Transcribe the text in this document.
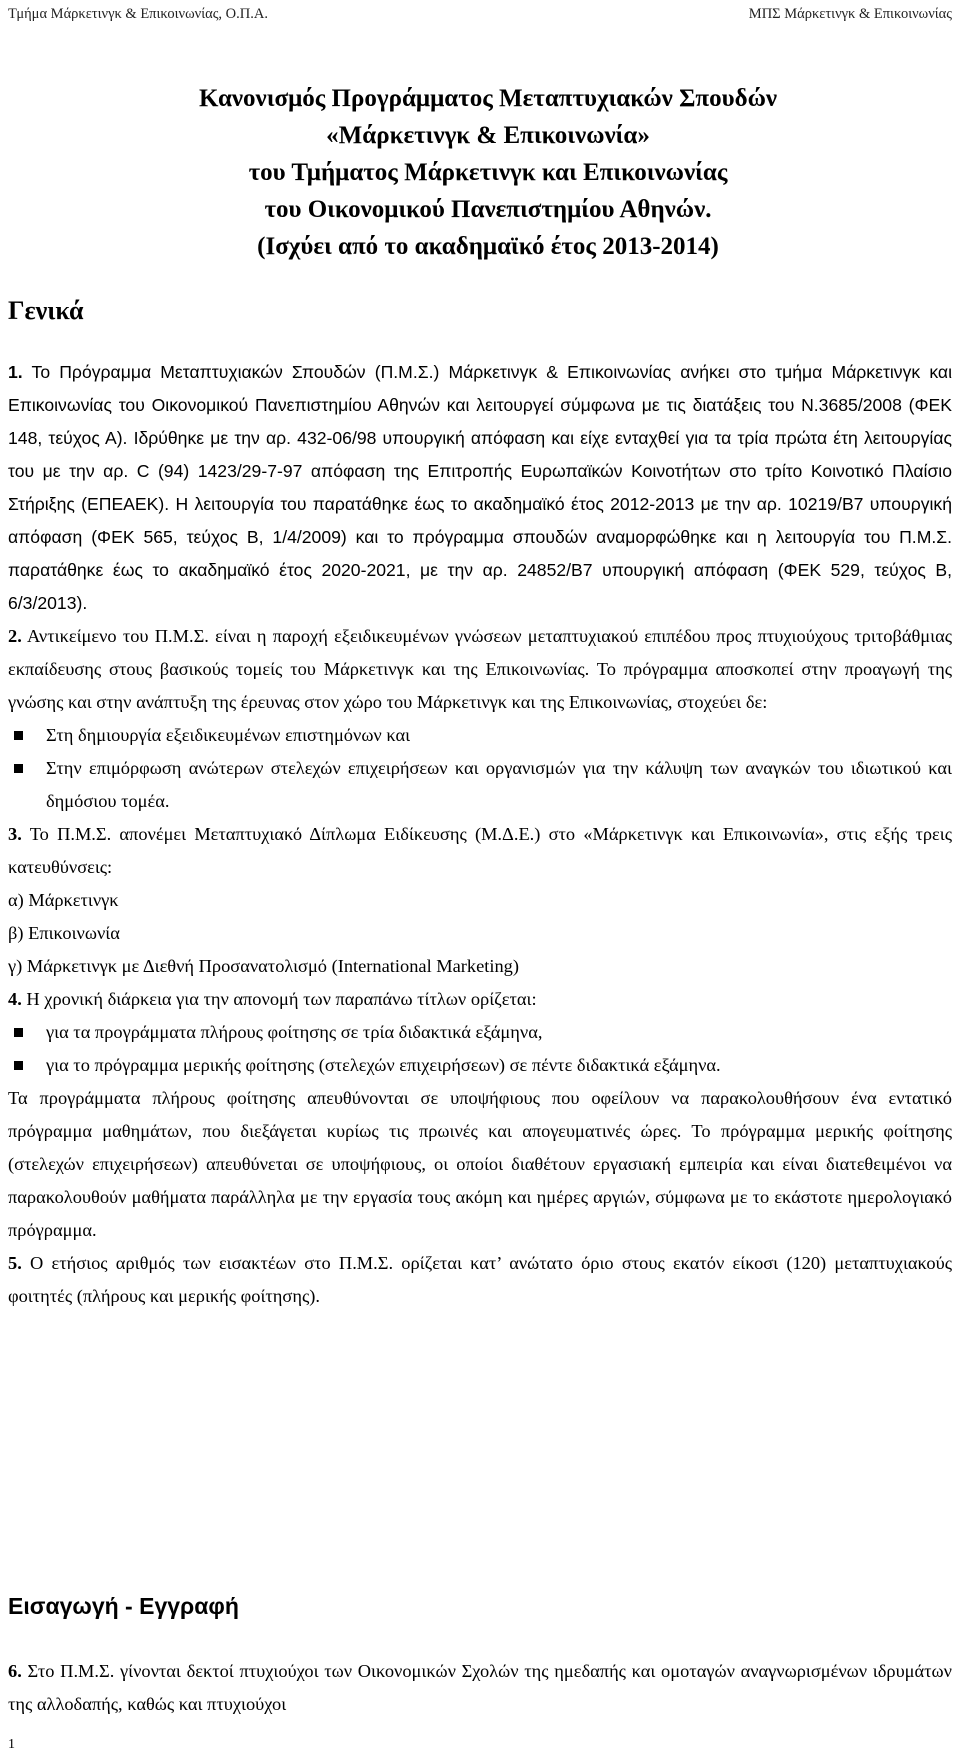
Τμήμα Μάρκετινγκ & Επικοινωνίας, Ο.Π.Α.	ΜΠΣ Μάρκετινγκ & Επικοινωνίας
Κανονισμός Προγράμματος Μεταπτυχιακών Σπουδών
«Μάρκετινγκ & Επικοινωνία»
του Τμήματος Μάρκετινγκ και Επικοινωνίας
του Οικονομικού Πανεπιστημίου Αθηνών.
(Ισχύει από το ακαδημαϊκό έτος 2013-2014)
Γενικά

1. Το Πρόγραμμα Μεταπτυχιακών Σπουδών (Π.Μ.Σ.) Μάρκετινγκ & Επικοινωνίας ανήκει στο τμήμα Μάρκετινγκ και Επικοινωνίας του Οικονομικού Πανεπιστημίου Αθηνών και λειτουργεί σύμφωνα με τις διατάξεις του Ν.3685/2008 (ΦΕΚ 148, τεύχος Α). Ιδρύθηκε με την αρ. 432-06/98 υπουργική απόφαση και είχε ενταχθεί για τα τρία πρώτα έτη λειτουργίας του με την αρ. C (94) 1423/29-7-97 απόφαση της Επιτροπής Ευρωπαϊκών Κοινοτήτων στο τρίτο Κοινοτικό Πλαίσιο Στήριξης (ΕΠΕΑΕΚ). Η λειτουργία του παρατάθηκε έως το ακαδημαϊκό έτος 2012-2013 με την αρ. 10219/Β7 υπουργική απόφαση (ΦΕΚ 565, τεύχος Β, 1/4/2009) και το πρόγραμμα σπουδών αναμορφώθηκε και η λειτουργία του Π.Μ.Σ. παρατάθηκε έως το ακαδημαϊκό έτος 2020-2021, με την αρ. 24852/Β7 υπουργική απόφαση (ΦΕΚ 529, τεύχος Β, 6/3/2013).

2. Αντικείμενο του Π.Μ.Σ. είναι η παροχή εξειδικευμένων γνώσεων μεταπτυχιακού επιπέδου προς πτυχιούχους τριτοβάθμιας εκπαίδευσης στους βασικούς τομείς του Μάρκετινγκ και της Επικοινωνίας. Το πρόγραμμα αποσκοπεί στην προαγωγή της γνώσης και στην ανάπτυξη της έρευνας στον χώρο του Μάρκετινγκ και της Επικοινωνίας, στοχεύει δε:

Στη δημιουργία εξειδικευμένων επιστημόνων και

Στην επιμόρφωση ανώτερων στελεχών επιχειρήσεων και οργανισμών για την κάλυψη των αναγκών του ιδιωτικού και δημόσιου τομέα.

3. Το Π.Μ.Σ. απονέμει Μεταπτυχιακό Δίπλωμα Ειδίκευσης (Μ.Δ.Ε.) στο «Μάρκετινγκ και Επικοινωνία», στις εξής τρεις κατευθύνσεις:

α) Μάρκετινγκ

β) Επικοινωνία

γ) Μάρκετινγκ με Διεθνή Προσανατολισμό (International Marketing)

4. Η χρονική διάρκεια για την απονομή των παραπάνω τίτλων ορίζεται:

για τα προγράμματα πλήρους φοίτησης σε τρία διδακτικά εξάμηνα,

για το πρόγραμμα μερικής φοίτησης (στελεχών επιχειρήσεων) σε πέντε διδακτικά εξάμηνα.

Τα προγράμματα πλήρους φοίτησης απευθύνονται σε υποψήφιους που οφείλουν να παρακολουθήσουν ένα εντατικό πρόγραμμα μαθημάτων, που διεξάγεται κυρίως τις πρωινές και απογευματινές ώρες. Το πρόγραμμα μερικής φοίτησης (στελεχών επιχειρήσεων) απευθύνεται σε υποψήφιους, οι οποίοι διαθέτουν εργασιακή εμπειρία και είναι διατεθειμένοι να παρακολουθούν μαθήματα παράλληλα με την εργασία τους ακόμη και ημέρες αργιών, σύμφωνα με το εκάστοτε ημερολογιακό πρόγραμμα.

5. Ο ετήσιος αριθμός των εισακτέων στο Π.Μ.Σ. ορίζεται κατ’ ανώτατο όριο στους εκατόν είκοσι (120) μεταπτυχιακούς φοιτητές (πλήρους και μερικής φοίτησης).

Εισαγωγή - Εγγραφή

6. Στο Π.Μ.Σ. γίνονται δεκτοί πτυχιούχοι των Οικονομικών Σχολών της ημεδαπής και ομοταγών αναγνωρισμένων ιδρυμάτων της αλλοδαπής, καθώς και πτυχιούχοι

1
